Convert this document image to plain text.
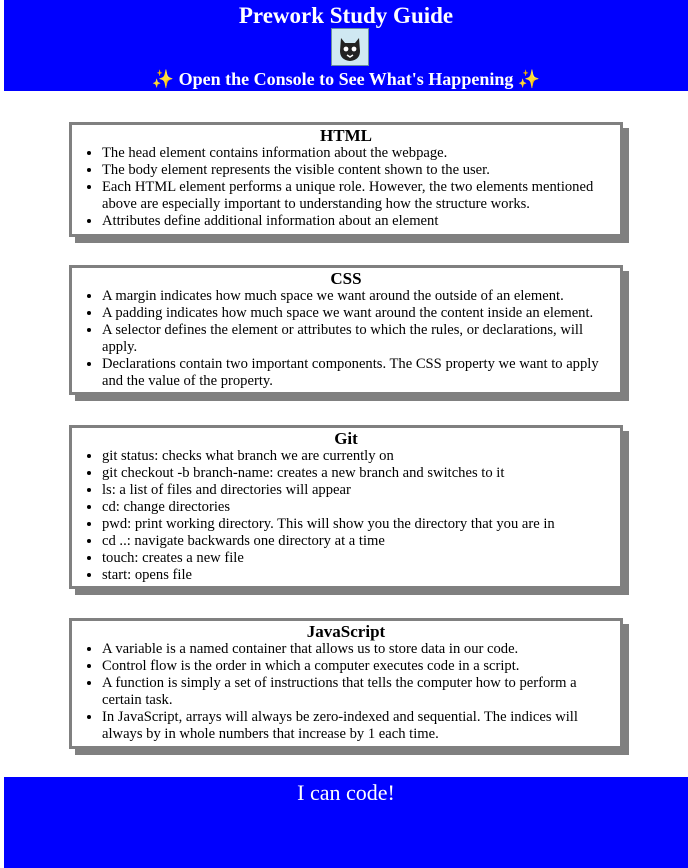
Prework Study Guide
✨ Open the Console to See What's Happening ✨
HTML
• The head element contains information about the webpage.
• The body element represents the visible content shown to the user.
• Each HTML element performs a unique role. However, the two elements mentioned above are especially important to understanding how the structure works.
• Attributes define additional information about an element
CSS
• A margin indicates how much space we want around the outside of an element.
• A padding indicates how much space we want around the content inside an element.
• A selector defines the element or attributes to which the rules, or declarations, will apply.
• Declarations contain two important components. The CSS property we want to apply and the value of the property.
Git
• git status: checks what branch we are currently on
• git checkout -b branch-name: creates a new branch and switches to it
• ls: a list of files and directories will appear
• cd: change directories
• pwd: print working directory. This will show you the directory that you are in
• cd ..: navigate backwards one directory at a time
• touch: creates a new file
• start: opens file
JavaScript
• A variable is a named container that allows us to store data in our code.
• Control flow is the order in which a computer executes code in a script.
• A function is simply a set of instructions that tells the computer how to perform a certain task.
• In JavaScript, arrays will always be zero-indexed and sequential. The indices will always by in whole numbers that increase by 1 each time.

I can code!
